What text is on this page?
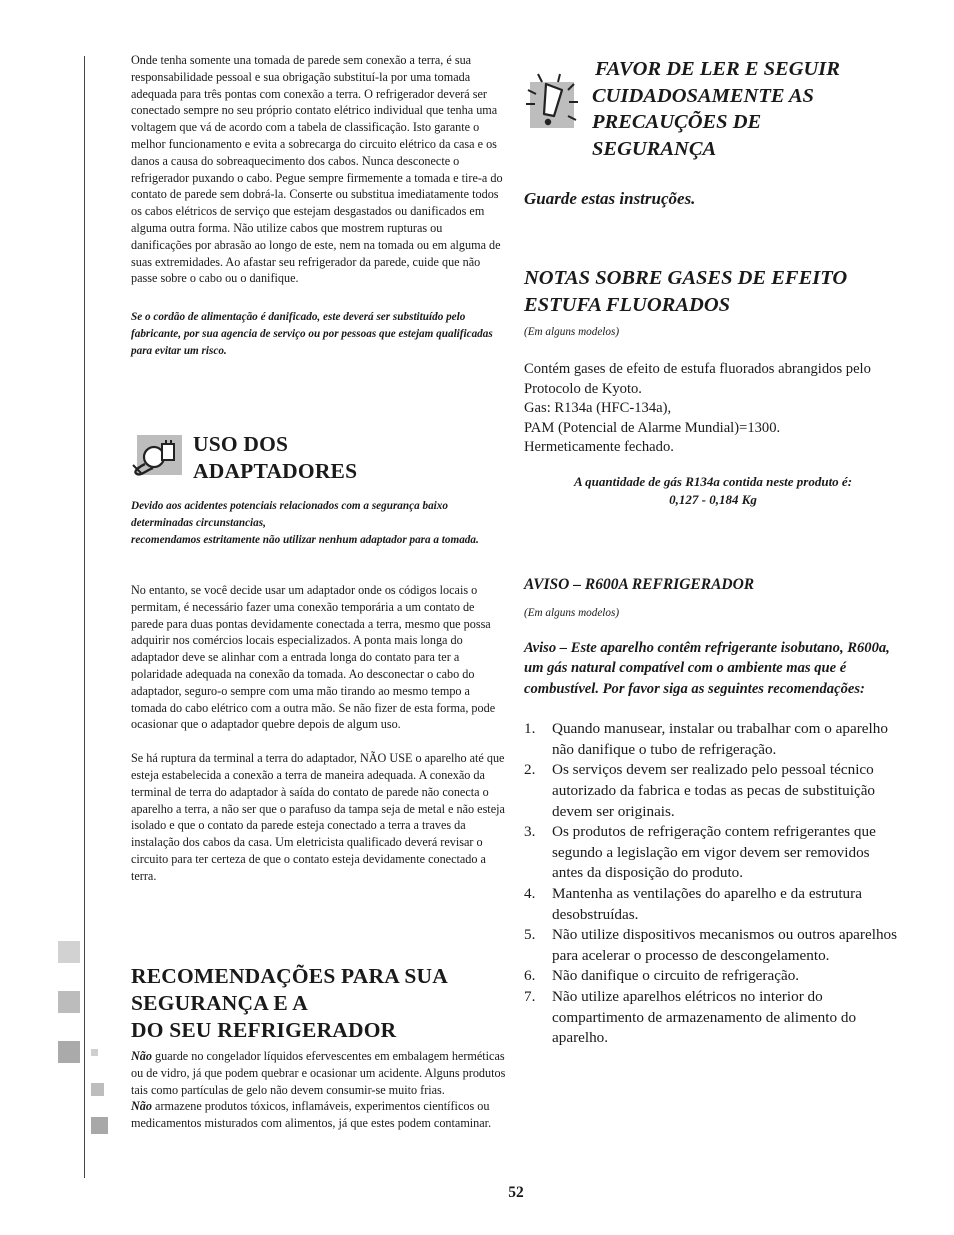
Onde tenha somente una tomada de parede sem conexão a terra, é sua responsabilidade pessoal e sua obrigação substituí-la por uma tomada adequada para três pontas com conexão a terra. O refrigerador deverá ser conectado sempre no seu próprio contato elétrico individual que tenha uma voltagem que vá de acordo com a tabela de classificação. Isto garante o melhor funcionamento e evita a sobrecarga do circuito elétrico da casa e os danos a causa do sobreaquecimento dos cabos. Nunca desconecte o refrigerador puxando o cabo. Pegue sempre firmemente a tomada e tire-a do contato de parede sem dobrá-la. Conserte ou substitua imediatamente todos os cabos elétricos de serviço que estejam desgastados ou danificados em alguma outra forma. Não utilize cabos que mostrem rupturas ou danificações por abrasão ao longo de este, nem na tomada ou em alguma de suas extremidades. Ao afastar seu refrigerador da parede, cuide que não passe sobre o cabo ou o danifique.

Se o cordão de alimentação é danificado, este deverá ser substituído pelo fabricante, por sua agencia de serviço ou por pessoas que estejam qualificadas para evitar um risco.

USO DOS

ADAPTADORES

Devido aos acidentes potenciais relacionados com a segurança baixo determinadas circunstancias,

recomendamos estritamente não utilizar nenhum adaptador para a tomada.

No entanto, se você decide usar um adaptador onde os códigos locais o permitam, é necessário fazer uma conexão temporária a um contato de parede para duas pontas devidamente conectada a terra, mesmo que possa adquirir nos comércios locais especializados. A ponta mais longa do adaptador deve se alinhar com a entrada longa do contato para ter a polaridade adequada na conexão da tomada. Ao desconectar o cabo do adaptador, seguro-o sempre com uma mão tirando ao mesmo tempo a tomada do cabo elétrico com a outra mão. Se não fizer de esta forma, pode ocasionar que o adaptador quebre depois de algum uso.

Se há ruptura da terminal a terra do adaptador, NÃO USE o aparelho até que esteja estabelecida a conexão a terra de maneira adequada. A conexão da terminal de terra do adaptador à saída do contato de parede não conecta o aparelho a terra, a não ser que o parafuso da tampa seja de metal e não esteja isolado e que o contato da parede esteja conectado a terra a traves da instalação dos cabos da casa. Um eletricista qualificado deverá revisar o circuito para ter certeza de que o contato esteja devidamente conectado a terra.

RECOMENDAÇÕES PARA SUA

SEGURANÇA E A

DO SEU REFRIGERADOR

Não guarde no congelador líquidos efervescentes em embalagem herméticas ou de vidro, já que podem quebrar e ocasionar um acidente. Alguns produtos tais como partículas de gelo não devem consumir-se muito frias.

Não armazene produtos tóxicos, inflamáveis, experimentos científicos ou medicamentos misturados com alimentos, já que estes podem contaminar.

FAVOR DE LER E SEGUIR

CUIDADOSAMENTE AS

PRECAUÇÕES DE

SEGURANÇA

Guarde estas instruções.

NOTAS SOBRE GASES DE EFEITO

ESTUFA FLUORADOS

(Em alguns modelos)

Contém gases de efeito de estufa fluorados abrangidos pelo

Protocolo de Kyoto.

Gas: R134a (HFC-134a),

PAM (Potencial de Alarme Mundial)=1300.

Hermeticamente fechado.

A quantidade de gás R134a contida neste produto é:

0,127 - 0,184 Kg

AVISO – R600A REFRIGERADOR

(Em alguns modelos)

Aviso – Este aparelho contêm refrigerante isobutano, R600a, um gás natural compatível com o ambiente mas que é combustível. Por favor siga as seguintes recomendações:

1. Quando manusear, instalar ou trabalhar com o aparelho não danifique o tubo de refrigeração.
2. Os serviços devem ser realizado pelo pessoal técnico autorizado da fabrica e todas as pecas de substituição devem ser originais.
3. Os produtos de refrigeração contem refrigerantes que segundo a legislação em vigor devem ser removidos antes da disposição do produto.
4. Mantenha as ventilações do aparelho e da estrutura desobstruídas.
5. Não utilize dispositivos mecanismos ou outros aparelhos para acelerar o processo de descongelamento.
6. Não danifique o circuito de refrigeração.
7. Não utilize aparelhos elétricos no interior do compartimento de armazenamento de alimento do aparelho.
52
